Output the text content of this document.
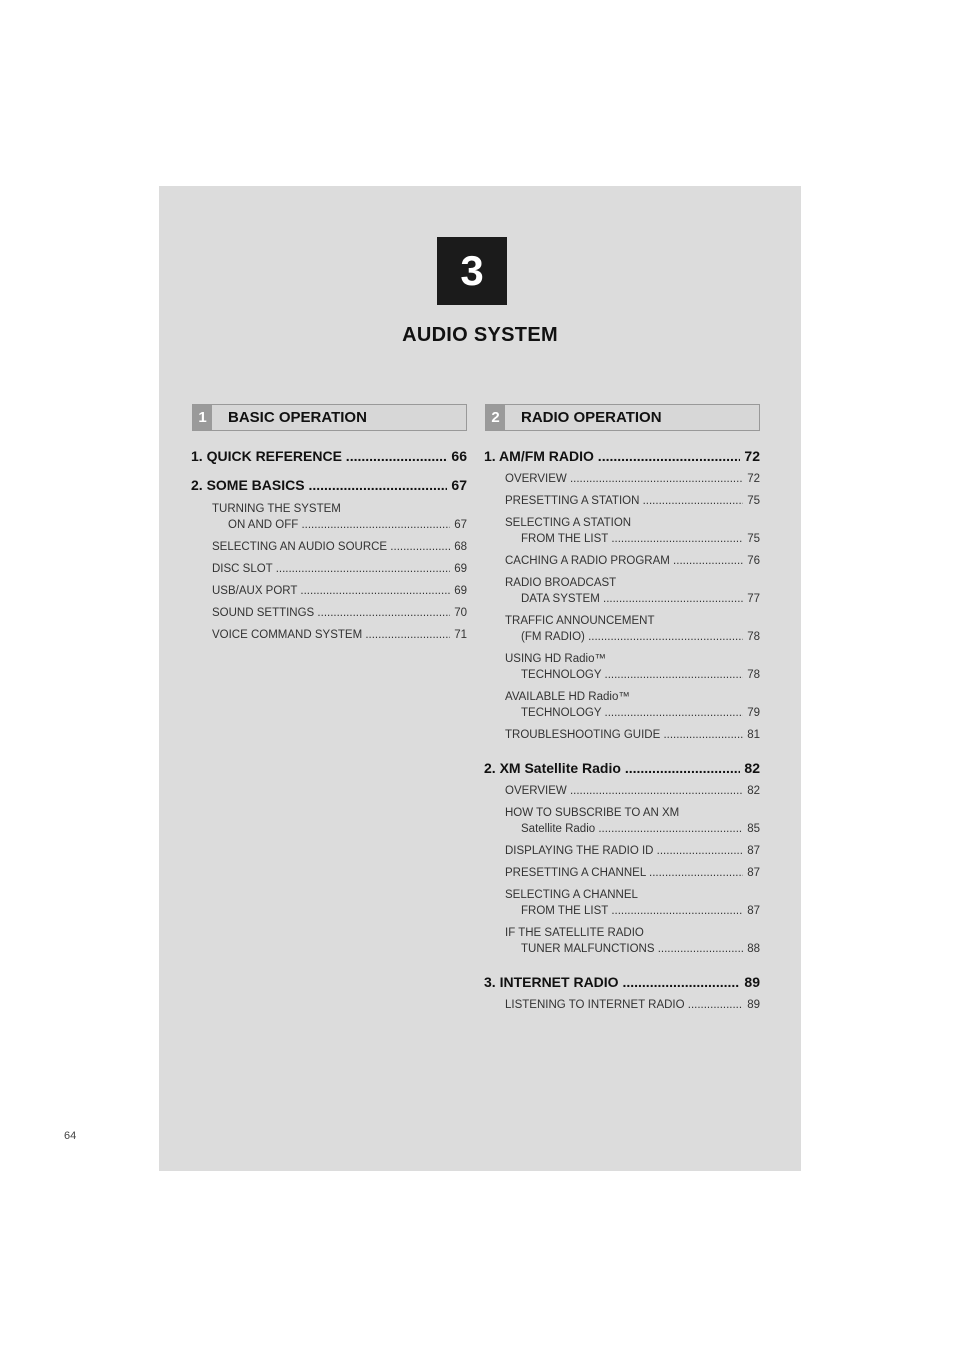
3
AUDIO SYSTEM
1	BASIC OPERATION
1. QUICK REFERENCE .....	66
2. SOME BASICS .....	67
TURNING THE SYSTEM
ON AND OFF .....	67
SELECTING AN AUDIO SOURCE .....	68
DISC SLOT .....	69
USB/AUX PORT .....	69
SOUND SETTINGS .....	70
VOICE COMMAND SYSTEM .....	71
2	RADIO OPERATION
1. AM/FM RADIO .....	72
OVERVIEW .....	72
PRESETTING A STATION .....	75
SELECTING A STATION
FROM THE LIST .....	75
CACHING A RADIO PROGRAM .....	76
RADIO BROADCAST
DATA SYSTEM .....	77
TRAFFIC ANNOUNCEMENT
(FM RADIO) .....	78
USING HD Radio™
TECHNOLOGY .....	78
AVAILABLE HD Radio™
TECHNOLOGY .....	79
TROUBLESHOOTING GUIDE .....	81
2. XM Satellite Radio .....	82
OVERVIEW .....	82
HOW TO SUBSCRIBE TO AN XM
Satellite Radio .....	85
DISPLAYING THE RADIO ID .....	87
PRESETTING A CHANNEL .....	87
SELECTING A CHANNEL
FROM THE LIST .....	87
IF THE SATELLITE RADIO
TUNER MALFUNCTIONS .....	88
3. INTERNET RADIO .....	89
LISTENING TO INTERNET RADIO .....	89
64
